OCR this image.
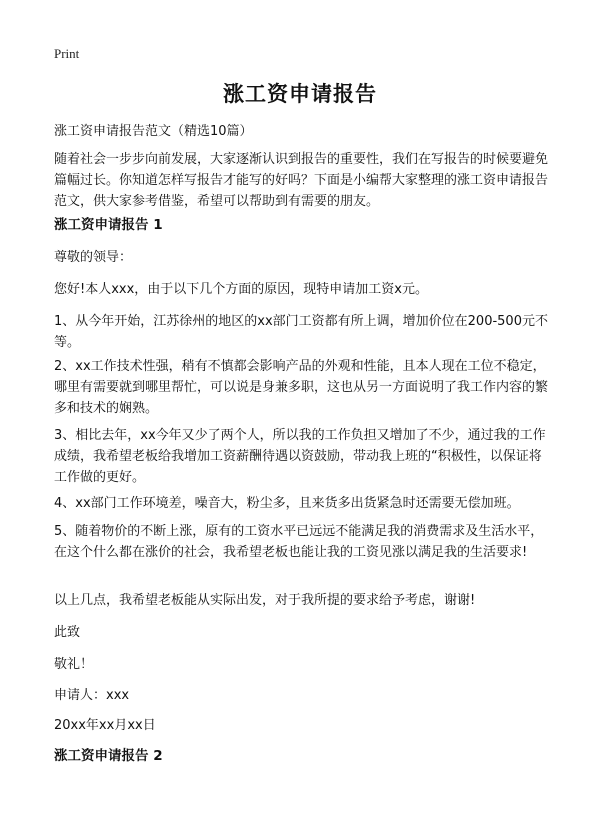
Print
涨工资申请报告

涨工资申请报告范文（精选10篇）

随着社会一步步向前发展，大家逐渐认识到报告的重要性，我们在写报告的时候要避免篇幅过长。你知道怎样写报告才能写的好吗？下面是小编帮大家整理的涨工资申请报告范文，供大家参考借鉴，希望可以帮助到有需要的朋友。

涨工资申请报告 1

尊敬的领导：

您好!本人xxx，由于以下几个方面的原因，现特申请加工资x元。

1、从今年开始，江苏徐州的地区的xx部门工资都有所上调，增加价位在200-500元不等。

2、xx工作技术性强，稍有不慎都会影响产品的外观和性能，且本人现在工位不稳定，哪里有需要就到哪里帮忙，可以说是身兼多职，这也从另一方面说明了我工作内容的繁多和技术的娴熟。

3、相比去年，xx今年又少了两个人，所以我的工作负担又增加了不少，通过我的工作成绩，我希望老板给我增加工资薪酬待遇以资鼓励，带动我上班的“积极性，以保证将工作做的更好。

4、xx部门工作环境差，噪音大，粉尘多，且来货多出货紧急时还需要无偿加班。

5、随着物价的不断上涨，原有的工资水平已远远不能满足我的消费需求及生活水平，在这个什么都在涨价的社会，我希望老板也能让我的工资见涨以满足我的生活要求!

以上几点，我希望老板能从实际出发，对于我所提的要求给予考虑，谢谢!

此致

敬礼！

申请人：xxx

20xx年xx月xx日

涨工资申请报告 2
